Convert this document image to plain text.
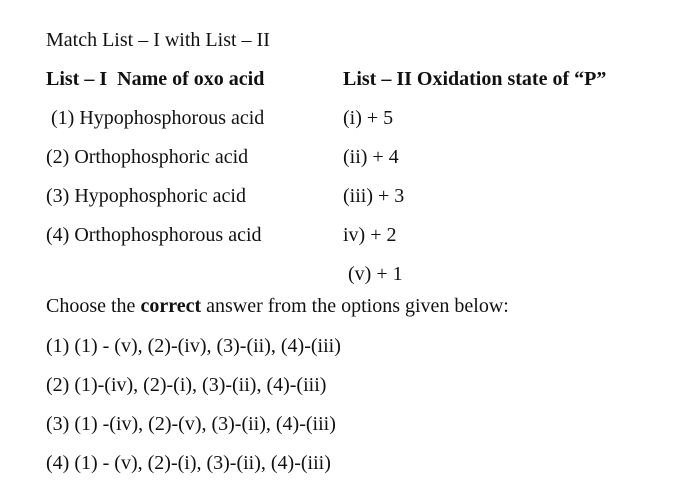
Match List – I with List – II
List – I  Name of oxo acid	List – II Oxidation state of “P”
(1) Hypophosphorous acid
(2) Orthophosphoric acid
(3) Hypophosphoric acid
(4) Orthophosphorous acid
(i) + 5
(ii) + 4
(iii) + 3
iv) + 2
(v) + 1
Choose the correct answer from the options given below:
(1) (1) - (v), (2)-(iv), (3)-(ii), (4)-(iii)
(2) (1)-(iv), (2)-(i), (3)-(ii), (4)-(iii)
(3) (1) -(iv), (2)-(v), (3)-(ii), (4)-(iii)
(4) (1) - (v), (2)-(i), (3)-(ii), (4)-(iii)
